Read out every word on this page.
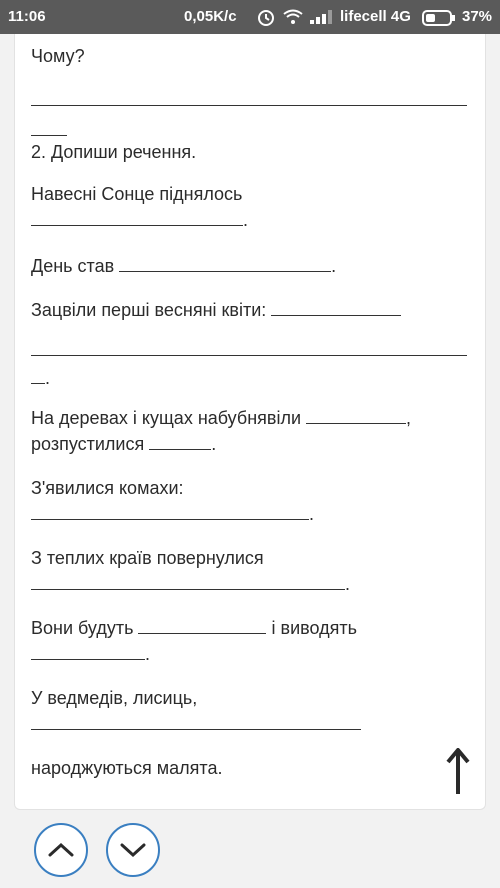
11:06	0,05K/c	lifecell 4G	37%
Чому?
2. Допиши речення.
Навесні Сонце піднялось
.
День став	.
Зацвіли перші весняні квіти:
.
На деревах і кущах набубнявіли	,
розпустилися	.
З'явилися комахи:
.
З теплих країв повернулися
.
Вони будуть	і виводять
.
У ведмедів, лисиць,
народжуються малята.
